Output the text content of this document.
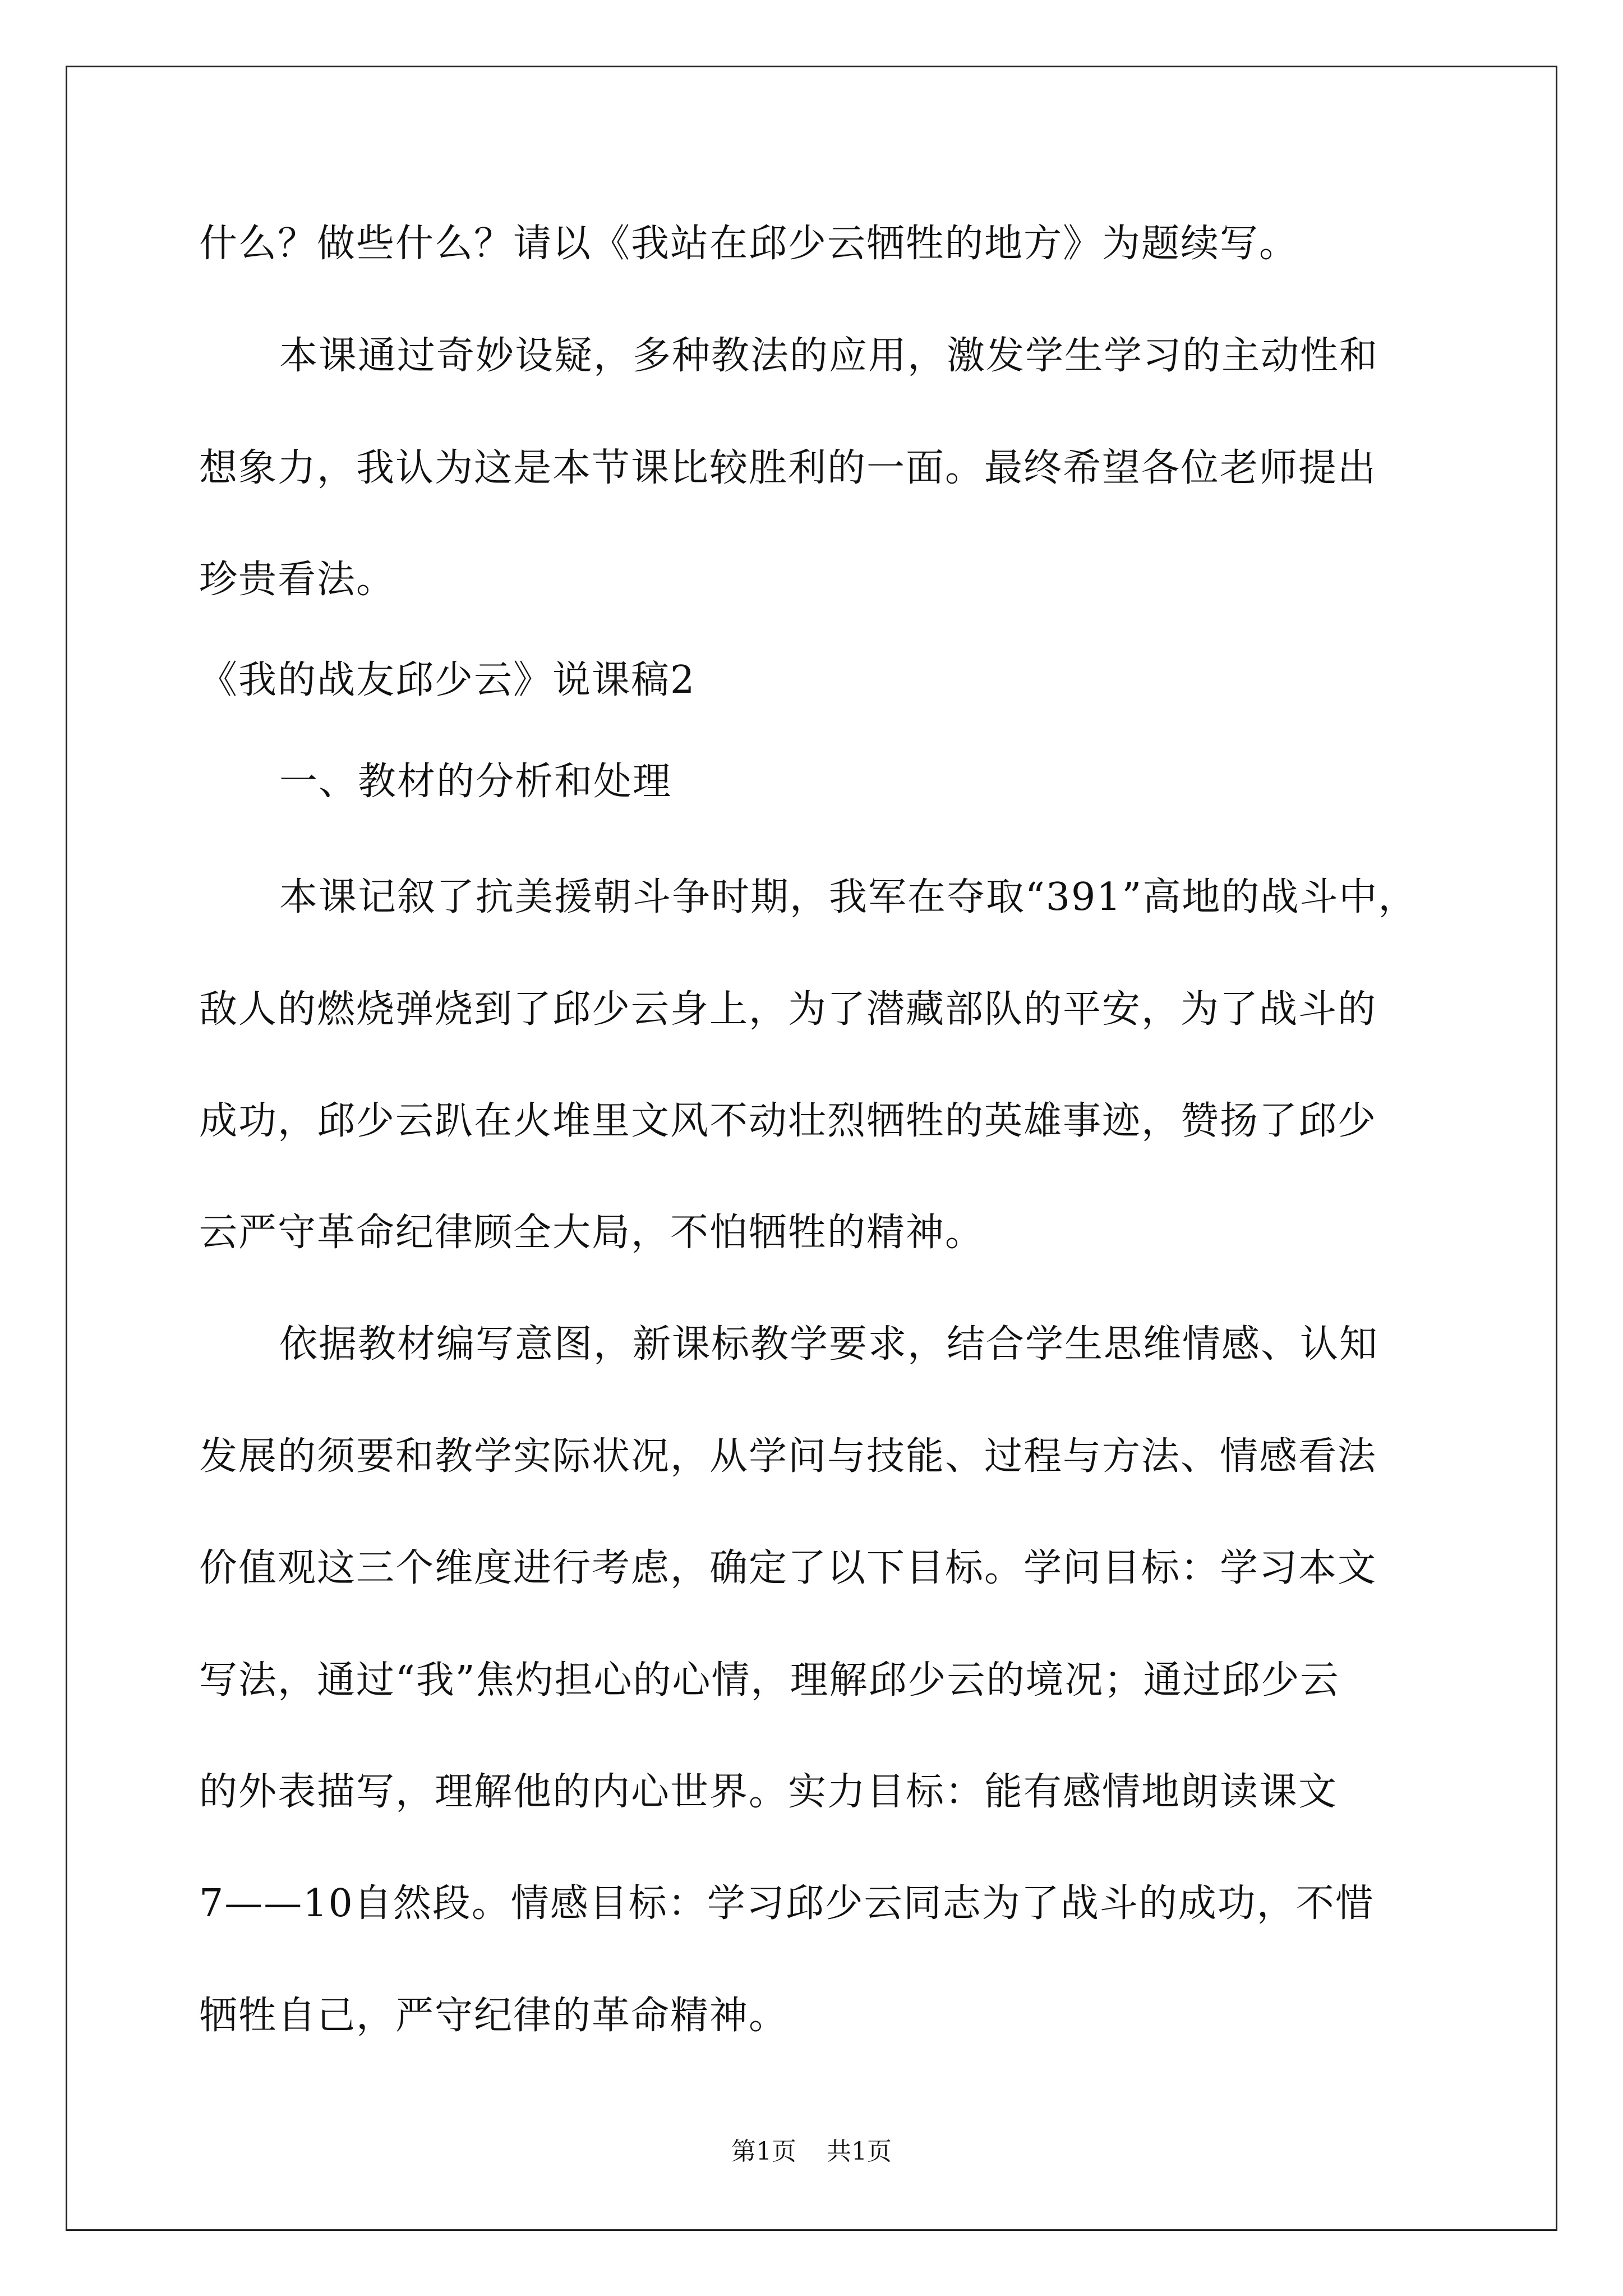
什么？做些什么？请以《我站在邱少云牺牲的地方》为题续写。
本课通过奇妙设疑，多种教法的应用，激发学生学习的主动性和
想象力，我认为这是本节课比较胜利的一面。最终希望各位老师提出
珍贵看法。
《我的战友邱少云》说课稿2
一、教材的分析和处理
本课记叙了抗美援朝斗争时期，我军在夺取“391”高地的战斗中，
敌人的燃烧弹烧到了邱少云身上，为了潜藏部队的平安，为了战斗的
成功，邱少云趴在火堆里文风不动壮烈牺牲的英雄事迹，赞扬了邱少
云严守革命纪律顾全大局，不怕牺牲的精神。
依据教材编写意图，新课标教学要求，结合学生思维情感、认知
发展的须要和教学实际状况，从学问与技能、过程与方法、情感看法
价值观这三个维度进行考虑，确定了以下目标。学问目标：学习本文
写法，通过“我”焦灼担心的心情，理解邱少云的境况；通过邱少云
的外表描写，理解他的内心世界。实力目标：能有感情地朗读课文
7——10自然段。情感目标：学习邱少云同志为了战斗的成功，不惜
牺牲自己，严守纪律的革命精神。
第1页 共1页
